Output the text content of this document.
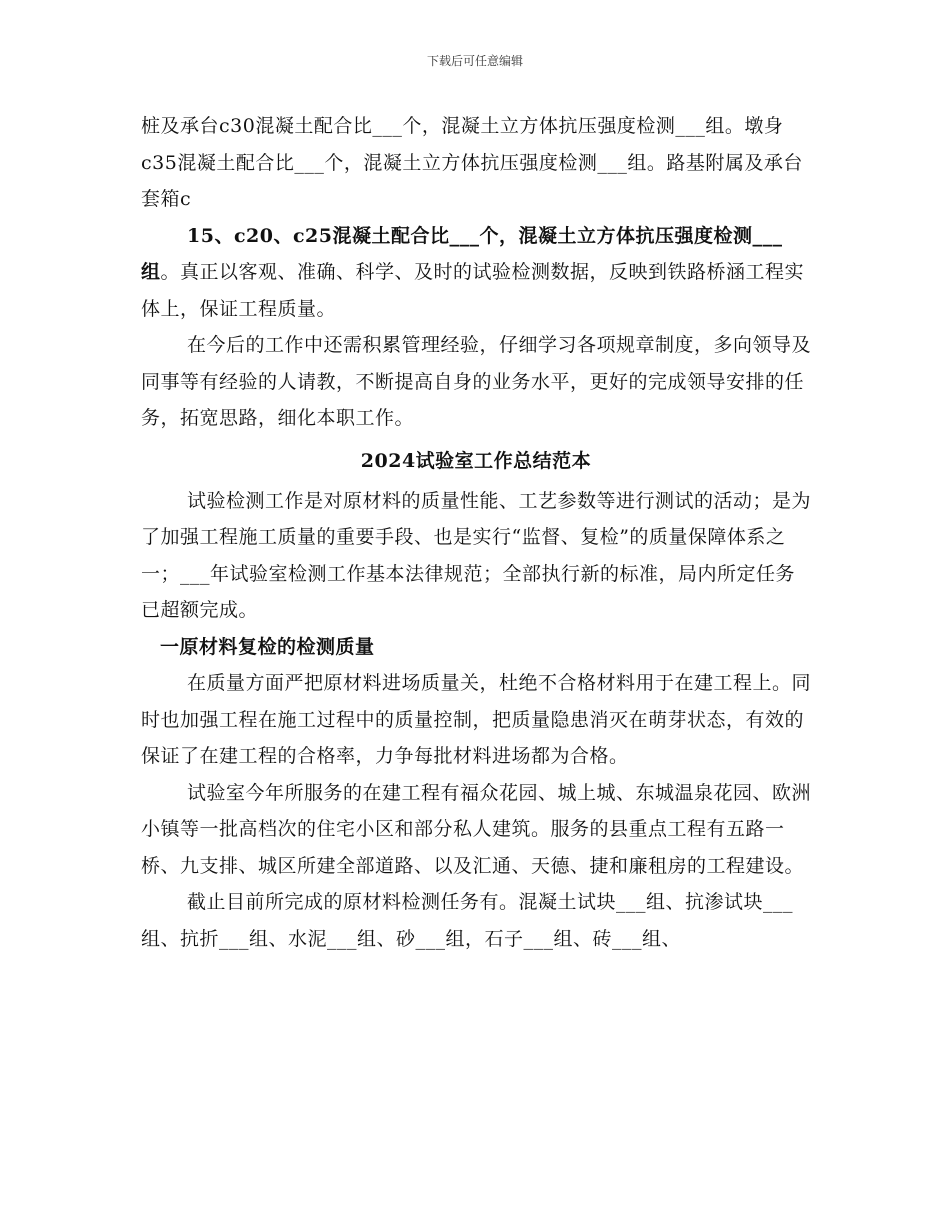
下载后可任意编辑

桩及承台c30混凝土配合比___个，混凝土立方体抗压强度检测___组。墩身c35混凝土配合比___个，混凝土立方体抗压强度检测___组。路基附属及承台套箱c

15、c20、c25混凝土配合比___个，混凝土立方体抗压强度检测___组。真正以客观、准确、科学、及时的试验检测数据，反映到铁路桥涵工程实体上，保证工程质量。

在今后的工作中还需积累管理经验，仔细学习各项规章制度，多向领导及同事等有经验的人请教，不断提高自身的业务水平，更好的完成领导安排的任务，拓宽思路，细化本职工作。

2024试验室工作总结范本

试验检测工作是对原材料的质量性能、工艺参数等进行测试的活动；是为了加强工程施工质量的重要手段、也是实行“监督、复检”的质量保障体系之一；___年试验室检测工作基本法律规范；全部执行新的标准，局内所定任务已超额完成。

一原材料复检的检测质量

在质量方面严把原材料进场质量关，杜绝不合格材料用于在建工程上。同时也加强工程在施工过程中的质量控制，把质量隐患消灭在萌芽状态，有效的保证了在建工程的合格率，力争每批材料进场都为合格。

试验室今年所服务的在建工程有福众花园、城上城、东城温泉花园、欧洲小镇等一批高档次的住宅小区和部分私人建筑。服务的县重点工程有五路一桥、九支排、城区所建全部道路、以及汇通、天德、捷和廉租房的工程建设。

截止目前所完成的原材料检测任务有。混凝土试块___组、抗渗试块___组、抗折___组、水泥___组、砂___组，石子___组、砖___组、
